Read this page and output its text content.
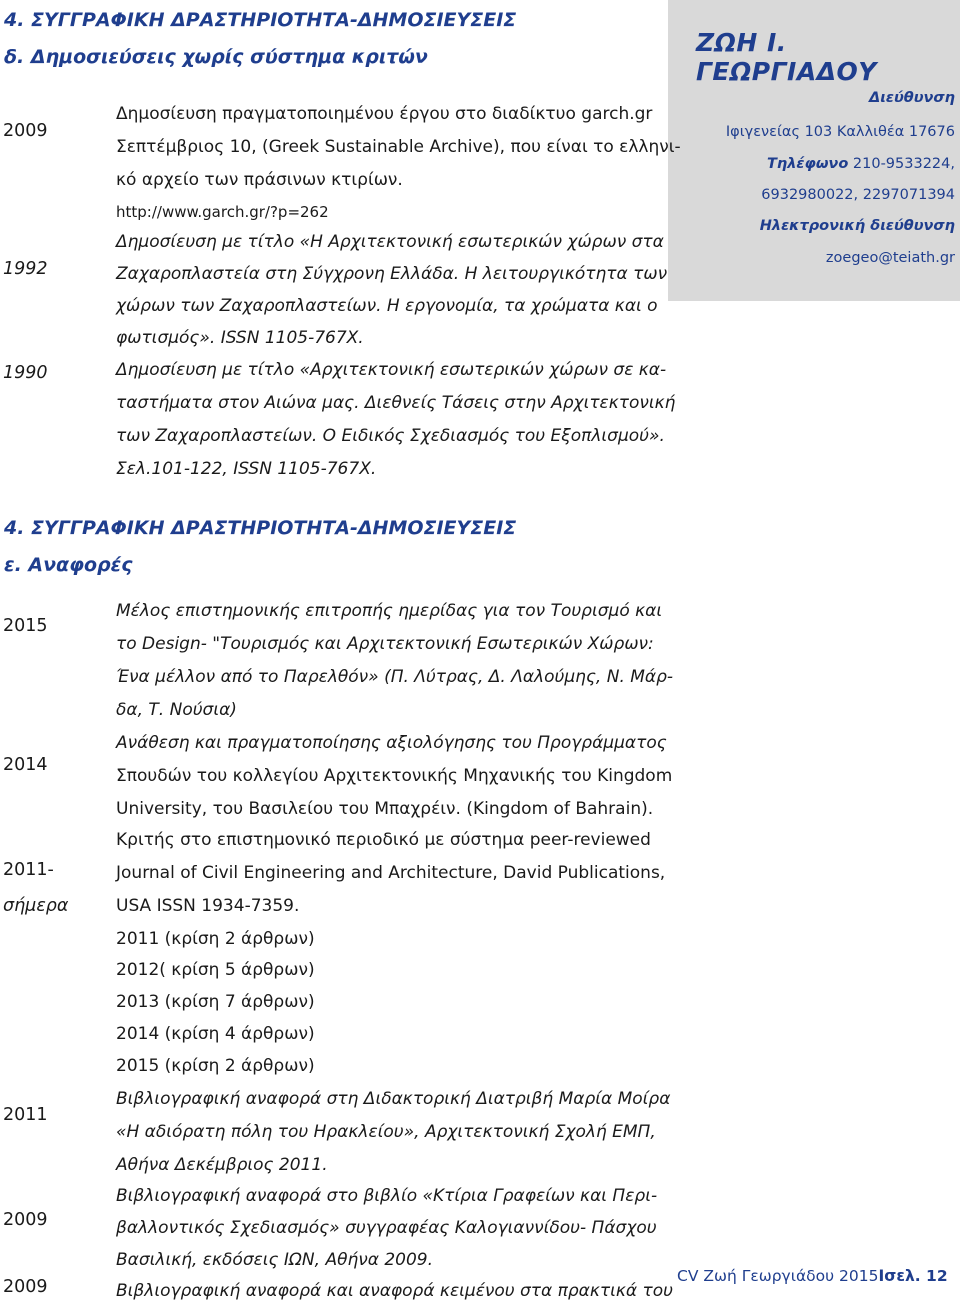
ΖΩΗ Ι. ΓΕΩΡΓΙΑΔΟΥ
Διεύθυνση
Ιφιγενείας 103 Καλλιθέα 17676
Τηλέφωνο 210-9533224,
6932980022, 2297071394
Ηλεκτρονική διεύθυνση
zoegeo@teiath.gr
4. ΣΥΓΓΡΑΦΙΚΗ ΔΡΑΣΤΗΡΙΟΤΗΤΑ-ΔΗΜΟΣΙΕΥΣΕΙΣ
δ. Δημοσιεύσεις χωρίς σύστημα κριτών
2009
1992
1990
Δημοσίευση πραγματοποιημένου έργου στο διαδίκτυο garch.gr
Σεπτέμβριος 10, (Greek Sustainable Archive), που είναι το ελληνι-
κό αρχείο των πράσινων κτιρίων.
http://www.garch.gr/?p=262
Δημοσίευση με τίτλο «Η Αρχιτεκτονική εσωτερικών χώρων στα
Ζαχαροπλαστεία στη Σύγχρονη Ελλάδα. Η λειτουργικότητα των
χώρων των Ζαχαροπλαστείων. Η εργονομία, τα χρώματα και ο
φωτισμός». ISSN 1105-767Χ.
Δημοσίευση με τίτλο «Αρχιτεκτονική εσωτερικών χώρων σε κα-
ταστήματα στον Αιώνα μας. Διεθνείς Τάσεις στην Αρχιτεκτονική
των Ζαχαροπλαστείων. Ο Ειδικός Σχεδιασμός του Εξοπλισμού».
Σελ.101-122, ISSN 1105-767X.
4. ΣΥΓΓΡΑΦΙΚΗ ΔΡΑΣΤΗΡΙΟΤΗΤΑ-ΔΗΜΟΣΙΕΥΣΕΙΣ
ε. Αναφορές
2015
2014
2011-
σήμερα
2011
2009
2009
Μέλος επιστημονικής επιτροπής ημερίδας για τον Τουρισμό και
το Design- "Τουρισμός και Αρχιτεκτονική Εσωτερικών Χώρων:
Ένα μέλλον από το Παρελθόν» (Π. Λύτρας, Δ. Λαλούμης, Ν. Μάρ-
δα, Τ. Νούσια)
Ανάθεση και πραγματοποίησης αξιολόγησης του Προγράμματος
Σπουδών του κολλεγίου Αρχιτεκτονικής Μηχανικής του Kingdom
University, του Βασιλείου του Μπαχρέιν. (Kingdom of Bahrain).
Κριτής στο επιστημονικό περιοδικό με σύστημα peer-reviewed
Journal of Civil Engineering and Architecture, David Publications,
USA ISSN 1934-7359.
2011 (κρίση 2 άρθρων)
2012( κρίση 5 άρθρων)
2013 (κρίση 7 άρθρων)
2014 (κρίση 4 άρθρων)
2015 (κρίση 2 άρθρων)
Βιβλιογραφική αναφορά στη Διδακτορική Διατριβή Μαρία Μοίρα
«Η αδιόρατη πόλη του Ηρακλείου», Αρχιτεκτονική Σχολή ΕΜΠ,
Αθήνα Δεκέμβριος 2011.
Βιβλιογραφική αναφορά στο βιβλίο «Κτίρια Γραφείων και Περι-
βαλλοντικός Σχεδιασμός» συγγραφέας Καλογιαννίδου- Πάσχου
Βασιλική, εκδόσεις ΙΩΝ, Αθήνα 2009.
Βιβλιογραφική αναφορά και αναφορά κειμένου στα πρακτικά του
CV Ζωή Γεωργιάδου 2015Ισελ. 12
